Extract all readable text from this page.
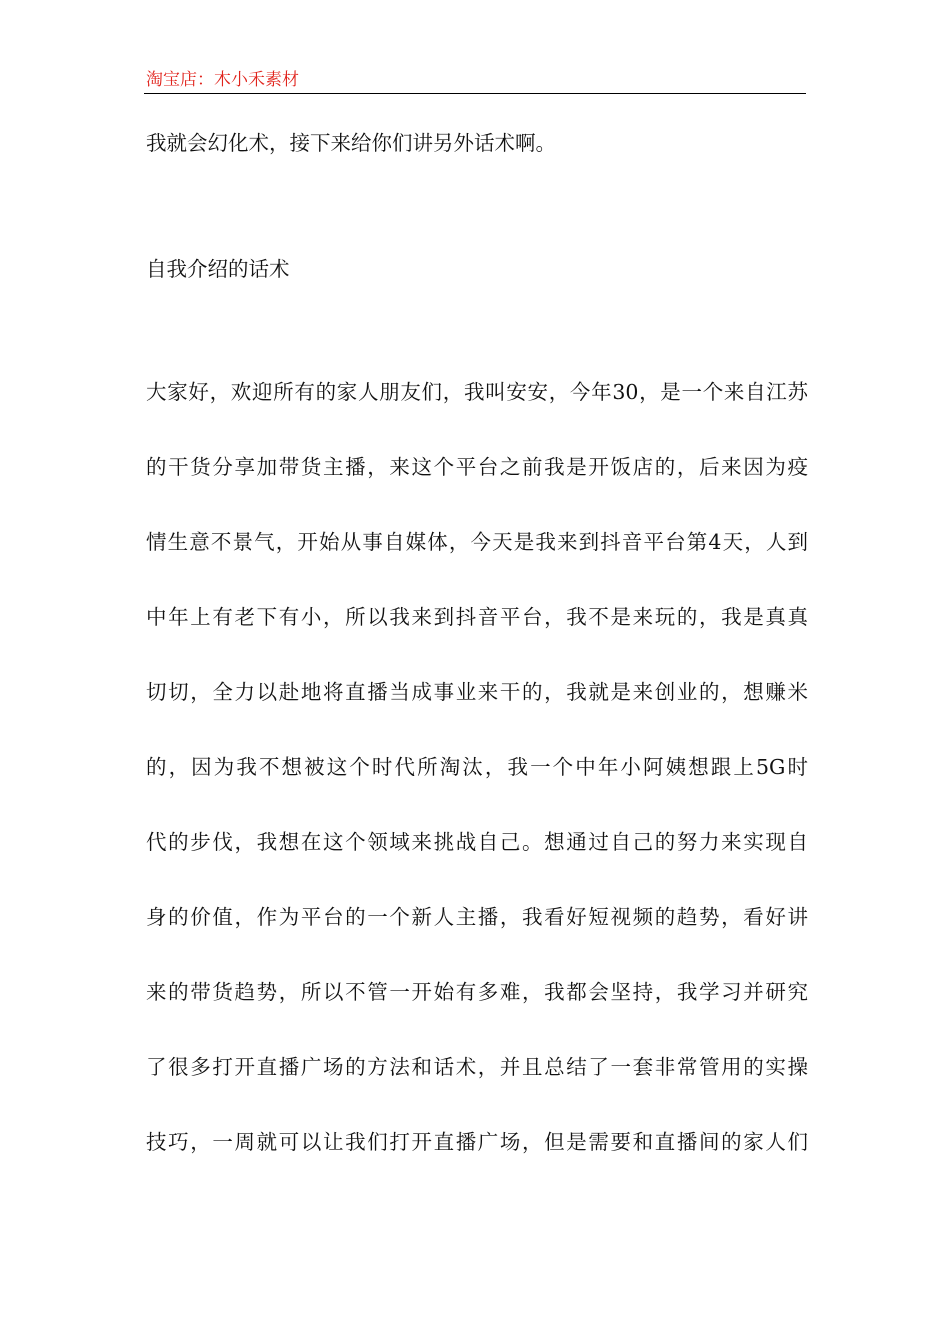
淘宝店：木小禾素材
我就会幻化术，接下来给你们讲另外话术啊。
自我介绍的话术
大家好，欢迎所有的家人朋友们，我叫安安，今年30，是一个来自江苏
的干货分享加带货主播，来这个平台之前我是开饭店的，后来因为疫
情生意不景气，开始从事自媒体，今天是我来到抖音平台第4天，人到
中年上有老下有小，所以我来到抖音平台，我不是来玩的，我是真真
切切，全力以赴地将直播当成事业来干的，我就是来创业的，想赚米
的，因为我不想被这个时代所淘汰，我一个中年小阿姨想跟上5G时
代的步伐，我想在这个领域来挑战自己。想通过自己的努力来实现自
身的价值，作为平台的一个新人主播，我看好短视频的趋势，看好讲
来的带货趋势，所以不管一开始有多难，我都会坚持，我学习并研究
了很多打开直播广场的方法和话术，并且总结了一套非常管用的实操
技巧，一周就可以让我们打开直播广场，但是需要和直播间的家人们
